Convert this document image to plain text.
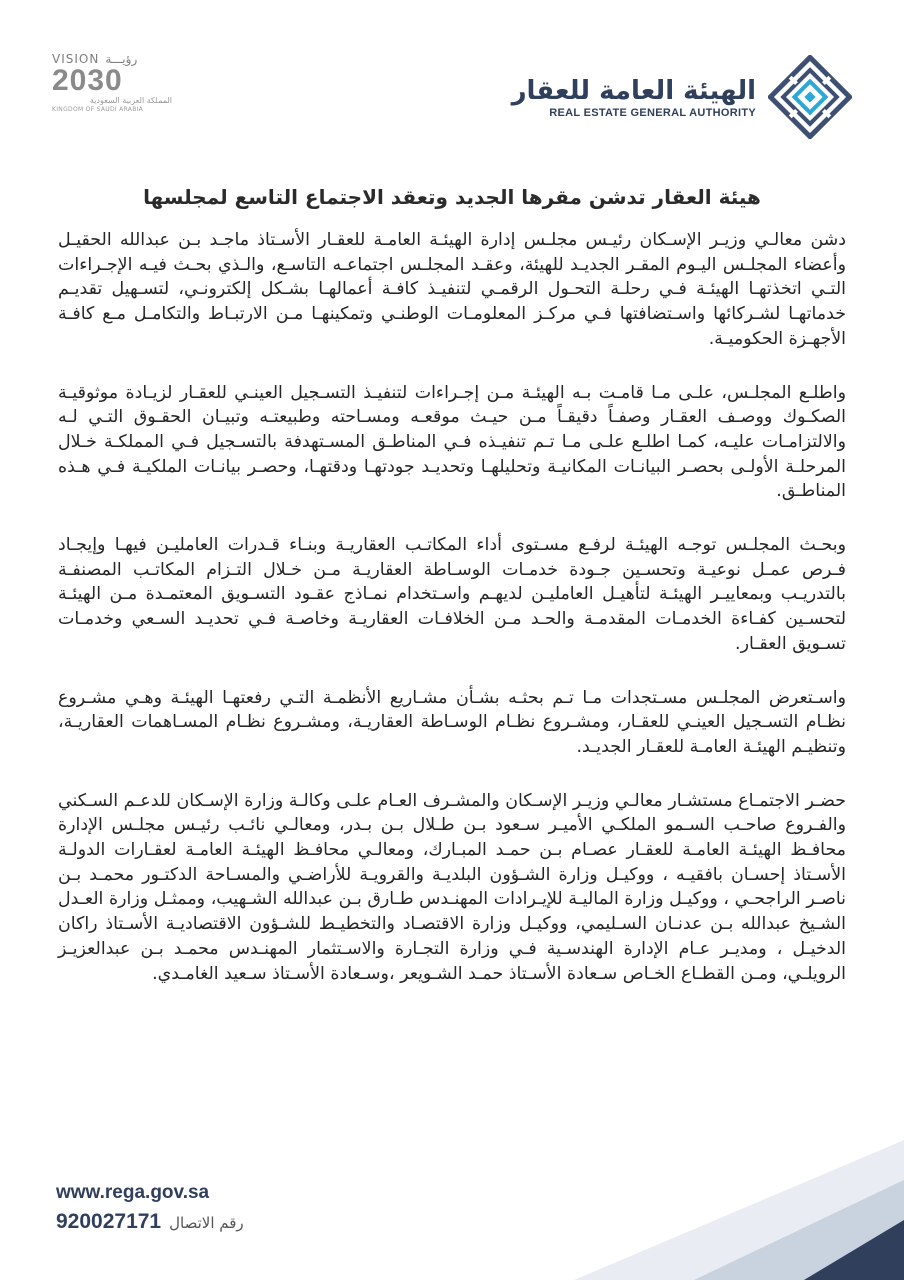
VISION رؤيـــة
2030
المملكة العربية السعودية
KINGDOM OF SAUDI ARABIA
الهيئة العامة للعقار
REAL ESTATE GENERAL AUTHORITY
هيئة العقار تدشن مقرها الجديد وتعقد الاجتماع التاسع لمجلسها

دشن معالـي وزيـر الإسـكان رئيـس مجلـس إدارة الهيئـة العامـة للعقـار الأسـتاذ ماجـد بـن عبدالله الحقيـل وأعضاء المجلـس اليـوم المقـر الجديـد للهيئة، وعقـد المجلـس اجتماعـه التاسـع، والـذي بحـث فيـه الإجـراءات التـي اتخذتهـا الهيئـة فـي رحلـة التحـول الرقمـي لتنفيـذ كافـة أعمالهـا بشـكل إلكترونـي، لتسـهيل تقديـم خدماتهـا لشـركائها واسـتضافتها فـي مركـز المعلومـات الوطنـي وتمكينهـا مـن الارتبـاط والتكامـل مـع كافـة الأجهـزة الحكوميـة.

واطلـع المجلـس، علـى مـا قامـت بـه الهيئـة مـن إجـراءات لتنفيـذ التسـجيل العينـي للعقـار لزيـادة موثوقيـة الصكـوك ووصـف العقـار وصفـاً دقيقـاً مـن حيـث موقعـه ومسـاحته وطبيعتـه وتبيـان الحقـوق التـي لـه والالتزامـات عليـه، كمـا اطلـع علـى مـا تـم تنفيـذه فـي المناطـق المسـتهدفة بالتسـجيل فـي المملكـة خـلال المرحلـة الأولـى بحصـر البيانـات المكانيـة وتحليلهـا وتحديـد جودتهـا ودقتهـا، وحصـر بيانـات الملكيـة فـي هـذه المناطـق.

وبحـث المجلـس توجـه الهيئـة لرفـع مسـتوى أداء المكاتـب العقاريـة وبنـاء قـدرات العامليـن فيهـا وإيجـاد فـرص عمـل نوعيـة وتحسـين جـودة خدمـات الوسـاطة العقاريـة مـن خـلال التـزام المكاتـب المصنفـة بالتدريـب وبمعاييـر الهيئـة لتأهيـل العامليـن لديهـم واسـتخدام نمـاذج عقـود التسـويق المعتمـدة مـن الهيئـة لتحسـين كفـاءة الخدمـات المقدمـة والحـد مـن الخلافـات العقاريـة وخاصـة فـي تحديـد السـعي وخدمـات تسـويق العقـار.

واسـتعرض المجلـس مسـتجدات مـا تـم بحثـه بشـأن مشـاريع الأنظمـة التـي رفعتهـا الهيئـة وهـي مشـروع نظـام التسـجيل العينـي للعقـار، ومشـروع نظـام الوسـاطة العقاريـة، ومشـروع نظـام المسـاهمات العقاريـة، وتنظيـم الهيئـة العامـة للعقـار الجديـد.

حضـر الاجتمـاع مستشـار معالـي وزيـر الإسـكان والمشـرف العـام علـى وكالـة وزارة الإسـكان للدعـم السـكني والفـروع صاحـب السـمو الملكـي الأميـر سـعود بـن طـلال بـن بـدر، ومعالـي نائـب رئيـس مجلـس الإدارة محافـظ الهيئـة العامـة للعقـار عصـام بـن حمـد المبـارك، ومعالـي محافـظ الهيئـة العامـة لعقـارات الدولـة الأسـتاذ إحسـان بافقيـه ، ووكيـل وزارة الشـؤون البلديـة والقرويـة للأراضـي والمسـاحة الدكتـور محمـد بـن ناصـر الراجحـي ، ووكيـل وزارة الماليـة للإيـرادات المهنـدس طـارق بـن عبدالله الشـهيب، وممثـل وزارة العـدل الشـيخ عبدالله بـن عدنـان السـليمي، ووكيـل وزارة الاقتصـاد والتخطيـط للشـؤون الاقتصاديـة الأسـتاذ راكان الدخيـل ، ومديـر عـام الإدارة الهندسـية فـي وزارة التجـارة والاسـتثمار المهنـدس محمـد بـن عبدالعزيـز الرويلـي، ومـن القطـاع الخـاص سـعادة الأسـتاذ حمـد الشـويعر ،وسـعادة الأسـتاذ سـعيد الغامـدي.

www.rega.gov.sa
920027171 رقم الاتصال
